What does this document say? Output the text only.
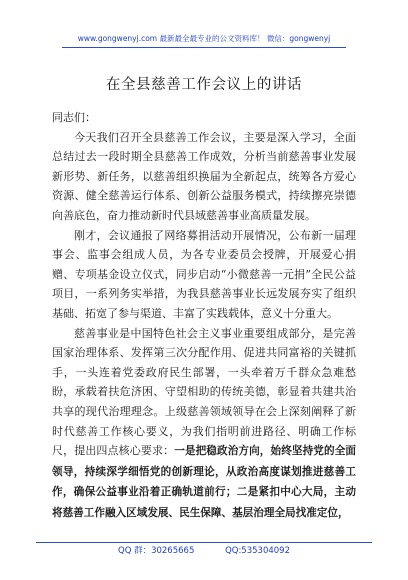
www.gongwenyj.com 最新最全最专业的公文资料库！ 微信：gongwenyj
在全县慈善工作会议上的讲话

同志们：

今天我们召开全县慈善工作会议，主要是深入学习，全面总结过去一段时期全县慈善工作成效，分析当前慈善事业发展新形势、新任务，以慈善组织换届为全新起点，统筹各方爱心资源、健全慈善运行体系、创新公益服务模式，持续擦亮崇德向善底色，奋力推动新时代县域慈善事业高质量发展。

刚才，会议通报了网络募捐活动开展情况，公布新一届理事会、监事会组成人员，为各专业委员会授牌，开展爱心捐赠、专项基金设立仪式，同步启动“小微慈善一元捐”全民公益项目，一系列务实举措，为我县慈善事业长远发展夯实了组织基础、拓宽了参与渠道、丰富了实践载体，意义十分重大。

慈善事业是中国特色社会主义事业重要组成部分，是完善国家治理体系、发挥第三次分配作用、促进共同富裕的关键抓手，一头连着党委政府民生部署，一头牵着万千群众急难愁盼，承载着扶危济困、守望相助的传统美德，彰显着共建共治共享的现代治理理念。上级慈善领域领导在会上深刻阐释了新时代慈善工作核心要义，为我们指明前进路径、明确工作标尺，提出四点核心要求：一是把稳政治方向，始终坚持党的全面领导，持续深学细悟党的创新理论，从政治高度谋划推进慈善工作，确保公益事业沿着正确轨道前行；二是紧扣中心大局，主动将慈善工作融入区域发展、民生保障、基层治理全局找准定位，

QQ 群：30265665	QQ:535304092
